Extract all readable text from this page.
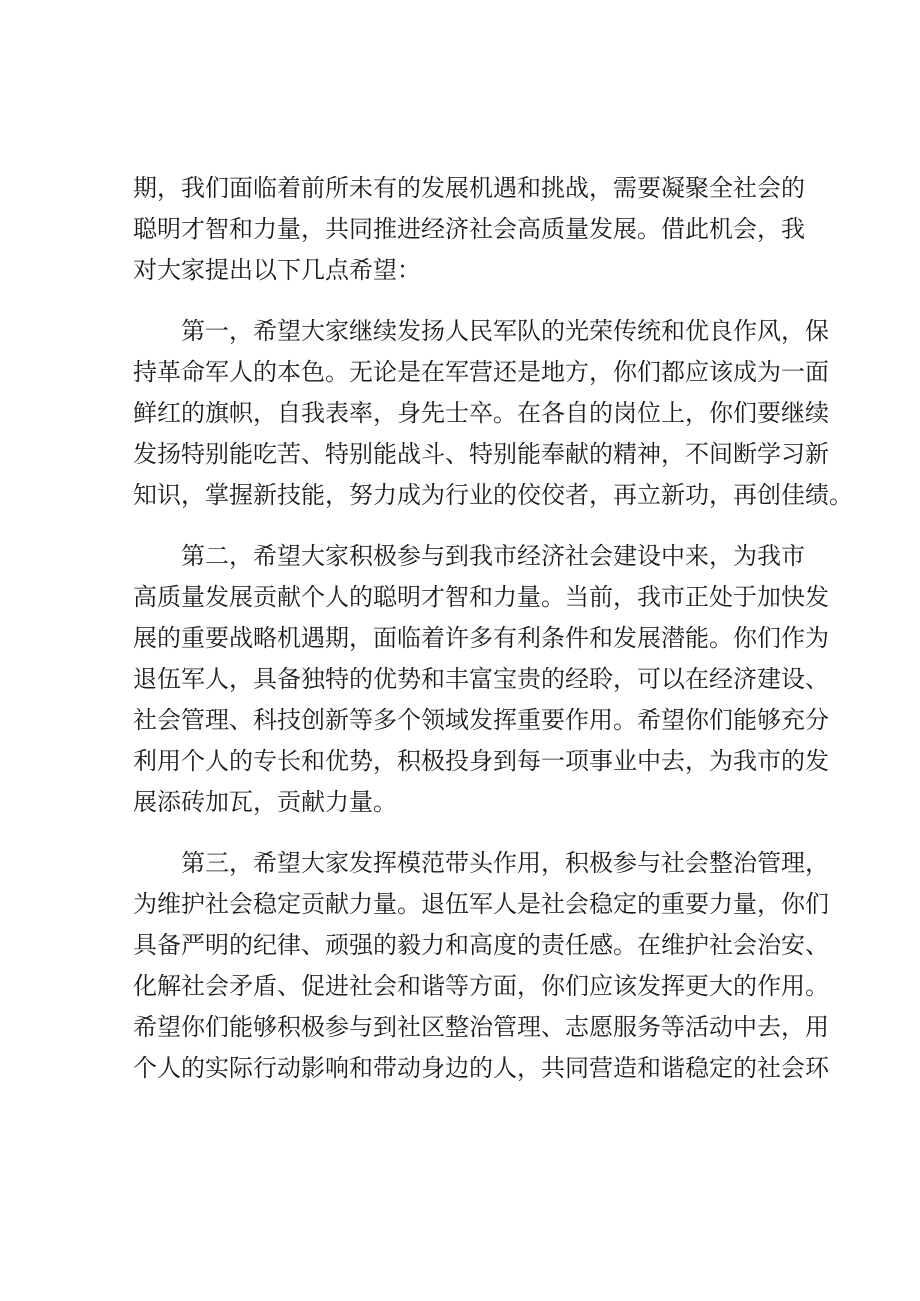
期，我们面临着前所未有的发展机遇和挑战，需要凝聚全社会的
聪明才智和力量，共同推进经济社会高质量发展。借此机会，我
对大家提出以下几点希望：
第一，希望大家继续发扬人民军队的光荣传统和优良作风，保
持革命军人的本色。无论是在军营还是地方，你们都应该成为一面
鲜红的旗帜，自我表率，身先士卒。在各自的岗位上，你们要继续
发扬特别能吃苦、特别能战斗、特别能奉献的精神，不间断学习新
知识，掌握新技能，努力成为行业的佼佼者，再立新功，再创佳绩。
第二，希望大家积极参与到我市经济社会建设中来，为我市
高质量发展贡献个人的聪明才智和力量。当前，我市正处于加快发
展的重要战略机遇期，面临着许多有利条件和发展潜能。你们作为
退伍军人，具备独特的优势和丰富宝贵的经聆，可以在经济建设、
社会管理、科技创新等多个领域发挥重要作用。希望你们能够充分
利用个人的专长和优势，积极投身到每一项事业中去，为我市的发
展添砖加瓦，贡献力量。
第三，希望大家发挥模范带头作用，积极参与社会整治管理，
为维护社会稳定贡献力量。退伍军人是社会稳定的重要力量，你们
具备严明的纪律、顽强的毅力和高度的责任感。在维护社会治安、
化解社会矛盾、促进社会和谐等方面，你们应该发挥更大的作用。
希望你们能够积极参与到社区整治管理、志愿服务等活动中去，用
个人的实际行动影响和带动身边的人，共同营造和谐稳定的社会环
